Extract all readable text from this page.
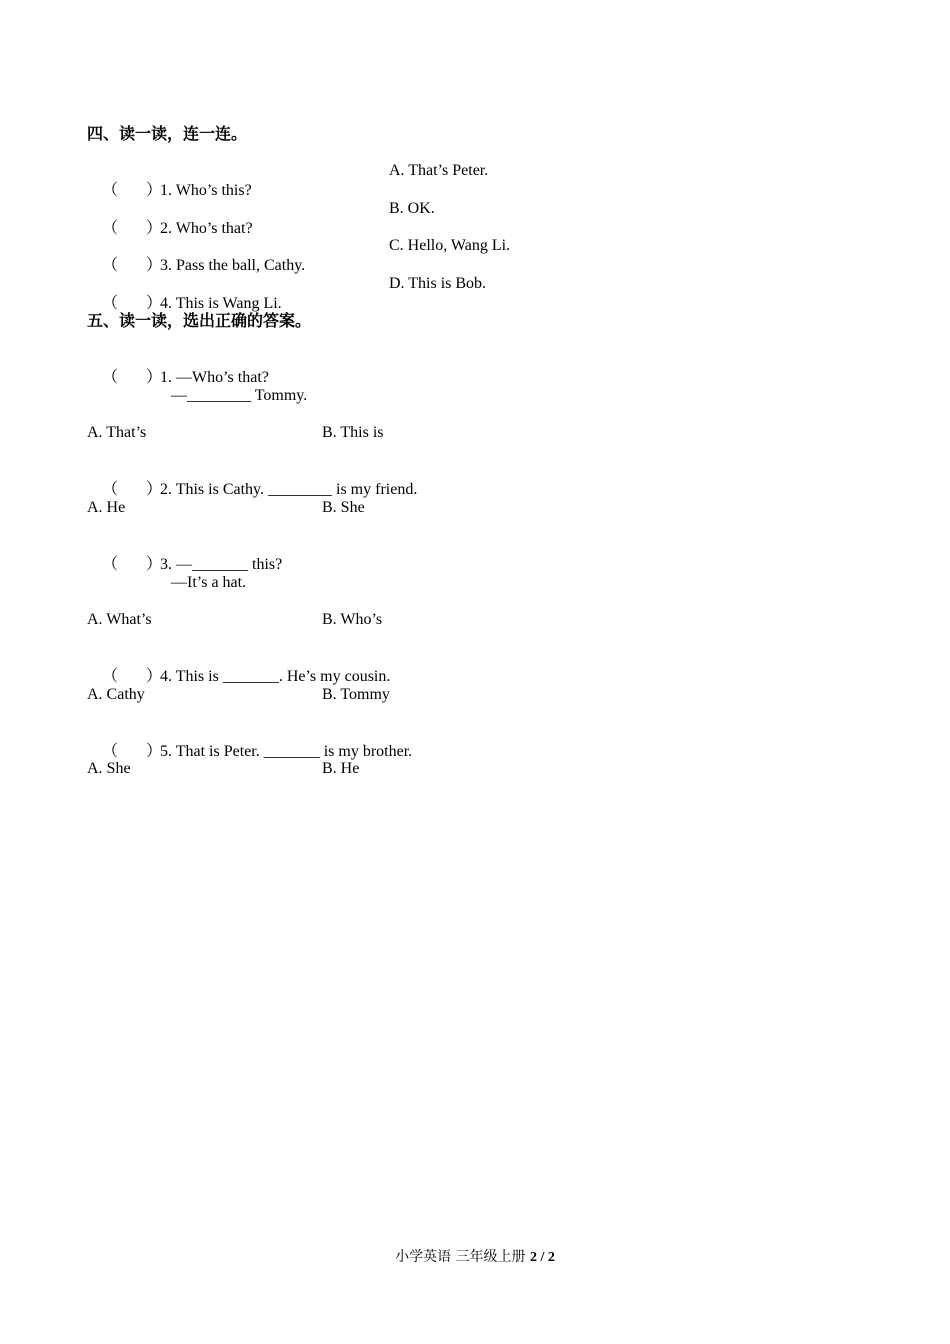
四、读一读，连一连。

（ ）1. Who’s this?

A. That’s Peter.

（ ）2. Who’s that?

B. OK.

（ ）3. Pass the ball, Cathy.

C. Hello, Wang Li.

（ ）4. This is Wang Li.

D. This is Bob.
五、读一读，选出正确的答案。

（ ）1. —Who’s that?

—________ Tommy.
A. That’s	B. This is

（ ）2. This is Cathy. ________ is my friend.

A. He	B. She

（ ）3. —_______ this?

—It’s a hat.
A. What’s	B. Who’s

（ ）4. This is _______. He’s my cousin.

A. Cathy	B. Tommy

（ ）5. That is Peter. _______ is my brother.

A. She	B. He
小学英语 三年级上册 2 / 2
